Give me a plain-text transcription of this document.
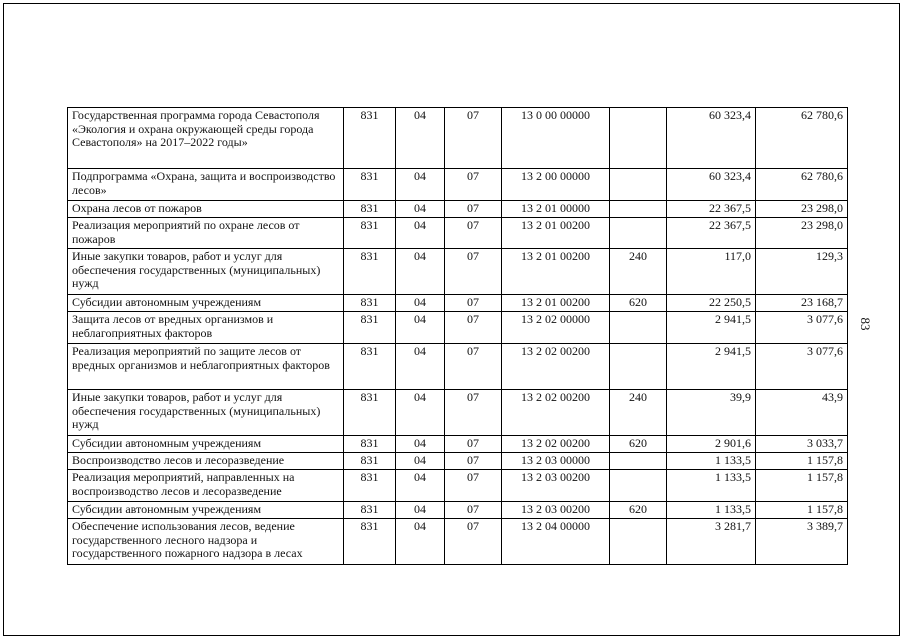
83
Государственная программа города Севастополя «Экология и охрана окружающей среды города Севастополя» на 2017–2022 годы»	831	04	07	13 0 00 00000		60 323,4	62 780,6
Подпрограмма «Охрана, защита и воспроизводство лесов»	831	04	07	13 2 00 00000		60 323,4	62 780,6
Охрана лесов от пожаров	831	04	07	13 2 01 00000		22 367,5	23 298,0
Реализация мероприятий по охране лесов от пожаров	831	04	07	13 2 01 00200		22 367,5	23 298,0
Иные закупки товаров, работ и услуг для обеспечения государственных (муниципальных) нужд	831	04	07	13 2 01 00200	240	117,0	129,3
Субсидии автономным учреждениям	831	04	07	13 2 01 00200	620	22 250,5	23 168,7
Защита лесов от вредных организмов и неблагоприятных факторов	831	04	07	13 2 02 00000		2 941,5	3 077,6
Реализация мероприятий по защите лесов от вредных организмов и неблагоприятных факторов	831	04	07	13 2 02 00200		2 941,5	3 077,6
Иные закупки товаров, работ и услуг для обеспечения государственных (муниципальных) нужд	831	04	07	13 2 02 00200	240	39,9	43,9
Субсидии автономным учреждениям	831	04	07	13 2 02 00200	620	2 901,6	3 033,7
Воспроизводство лесов и лесоразведение	831	04	07	13 2 03 00000		1 133,5	1 157,8
Реализация мероприятий, направленных на воспроизводство лесов и лесоразведение	831	04	07	13 2 03 00200		1 133,5	1 157,8
Субсидии автономным учреждениям	831	04	07	13 2 03 00200	620	1 133,5	1 157,8
Обеспечение использования лесов, ведение государственного лесного надзора и государственного пожарного надзора в лесах	831	04	07	13 2 04 00000		3 281,7	3 389,7
